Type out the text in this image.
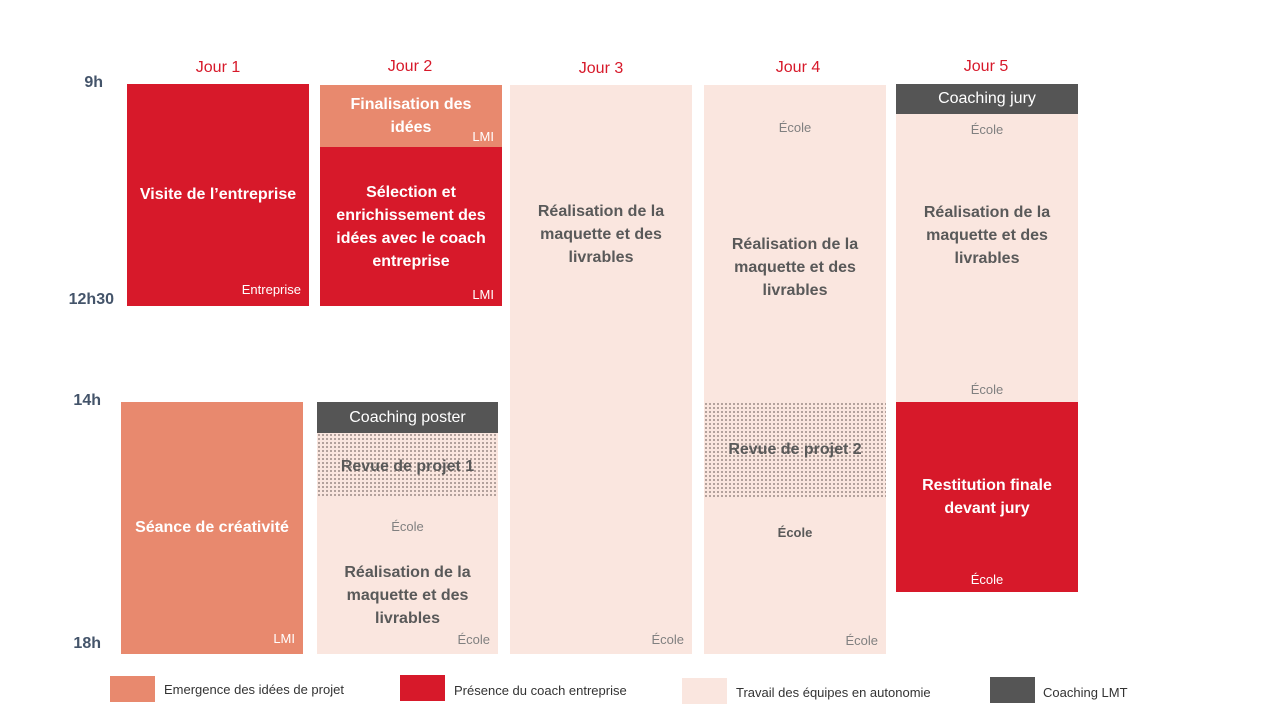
Jour 1	Jour 2	Jour 3	Jour 4	Jour 5
9h
12h30
14h
18h
Visite de l’entreprise
Entreprise
Séance de créativité
LMI
Finalisation des idées
LMI
Sélection et enrichissement des idées avec le coach entreprise
LMI
Coaching poster
Revue de projet 1
École
Réalisation de la maquette et des livrables
École
Réalisation de la maquette et des livrables
École
École
Réalisation de la maquette et des livrables
Revue de projet 2
École
École
Coaching jury
École
Réalisation de la maquette et des livrables
École
Restitution finale devant jury
École
Emergence des idées de projet	Présence du coach entreprise	Travail des équipes en autonomie	Coaching LMT
